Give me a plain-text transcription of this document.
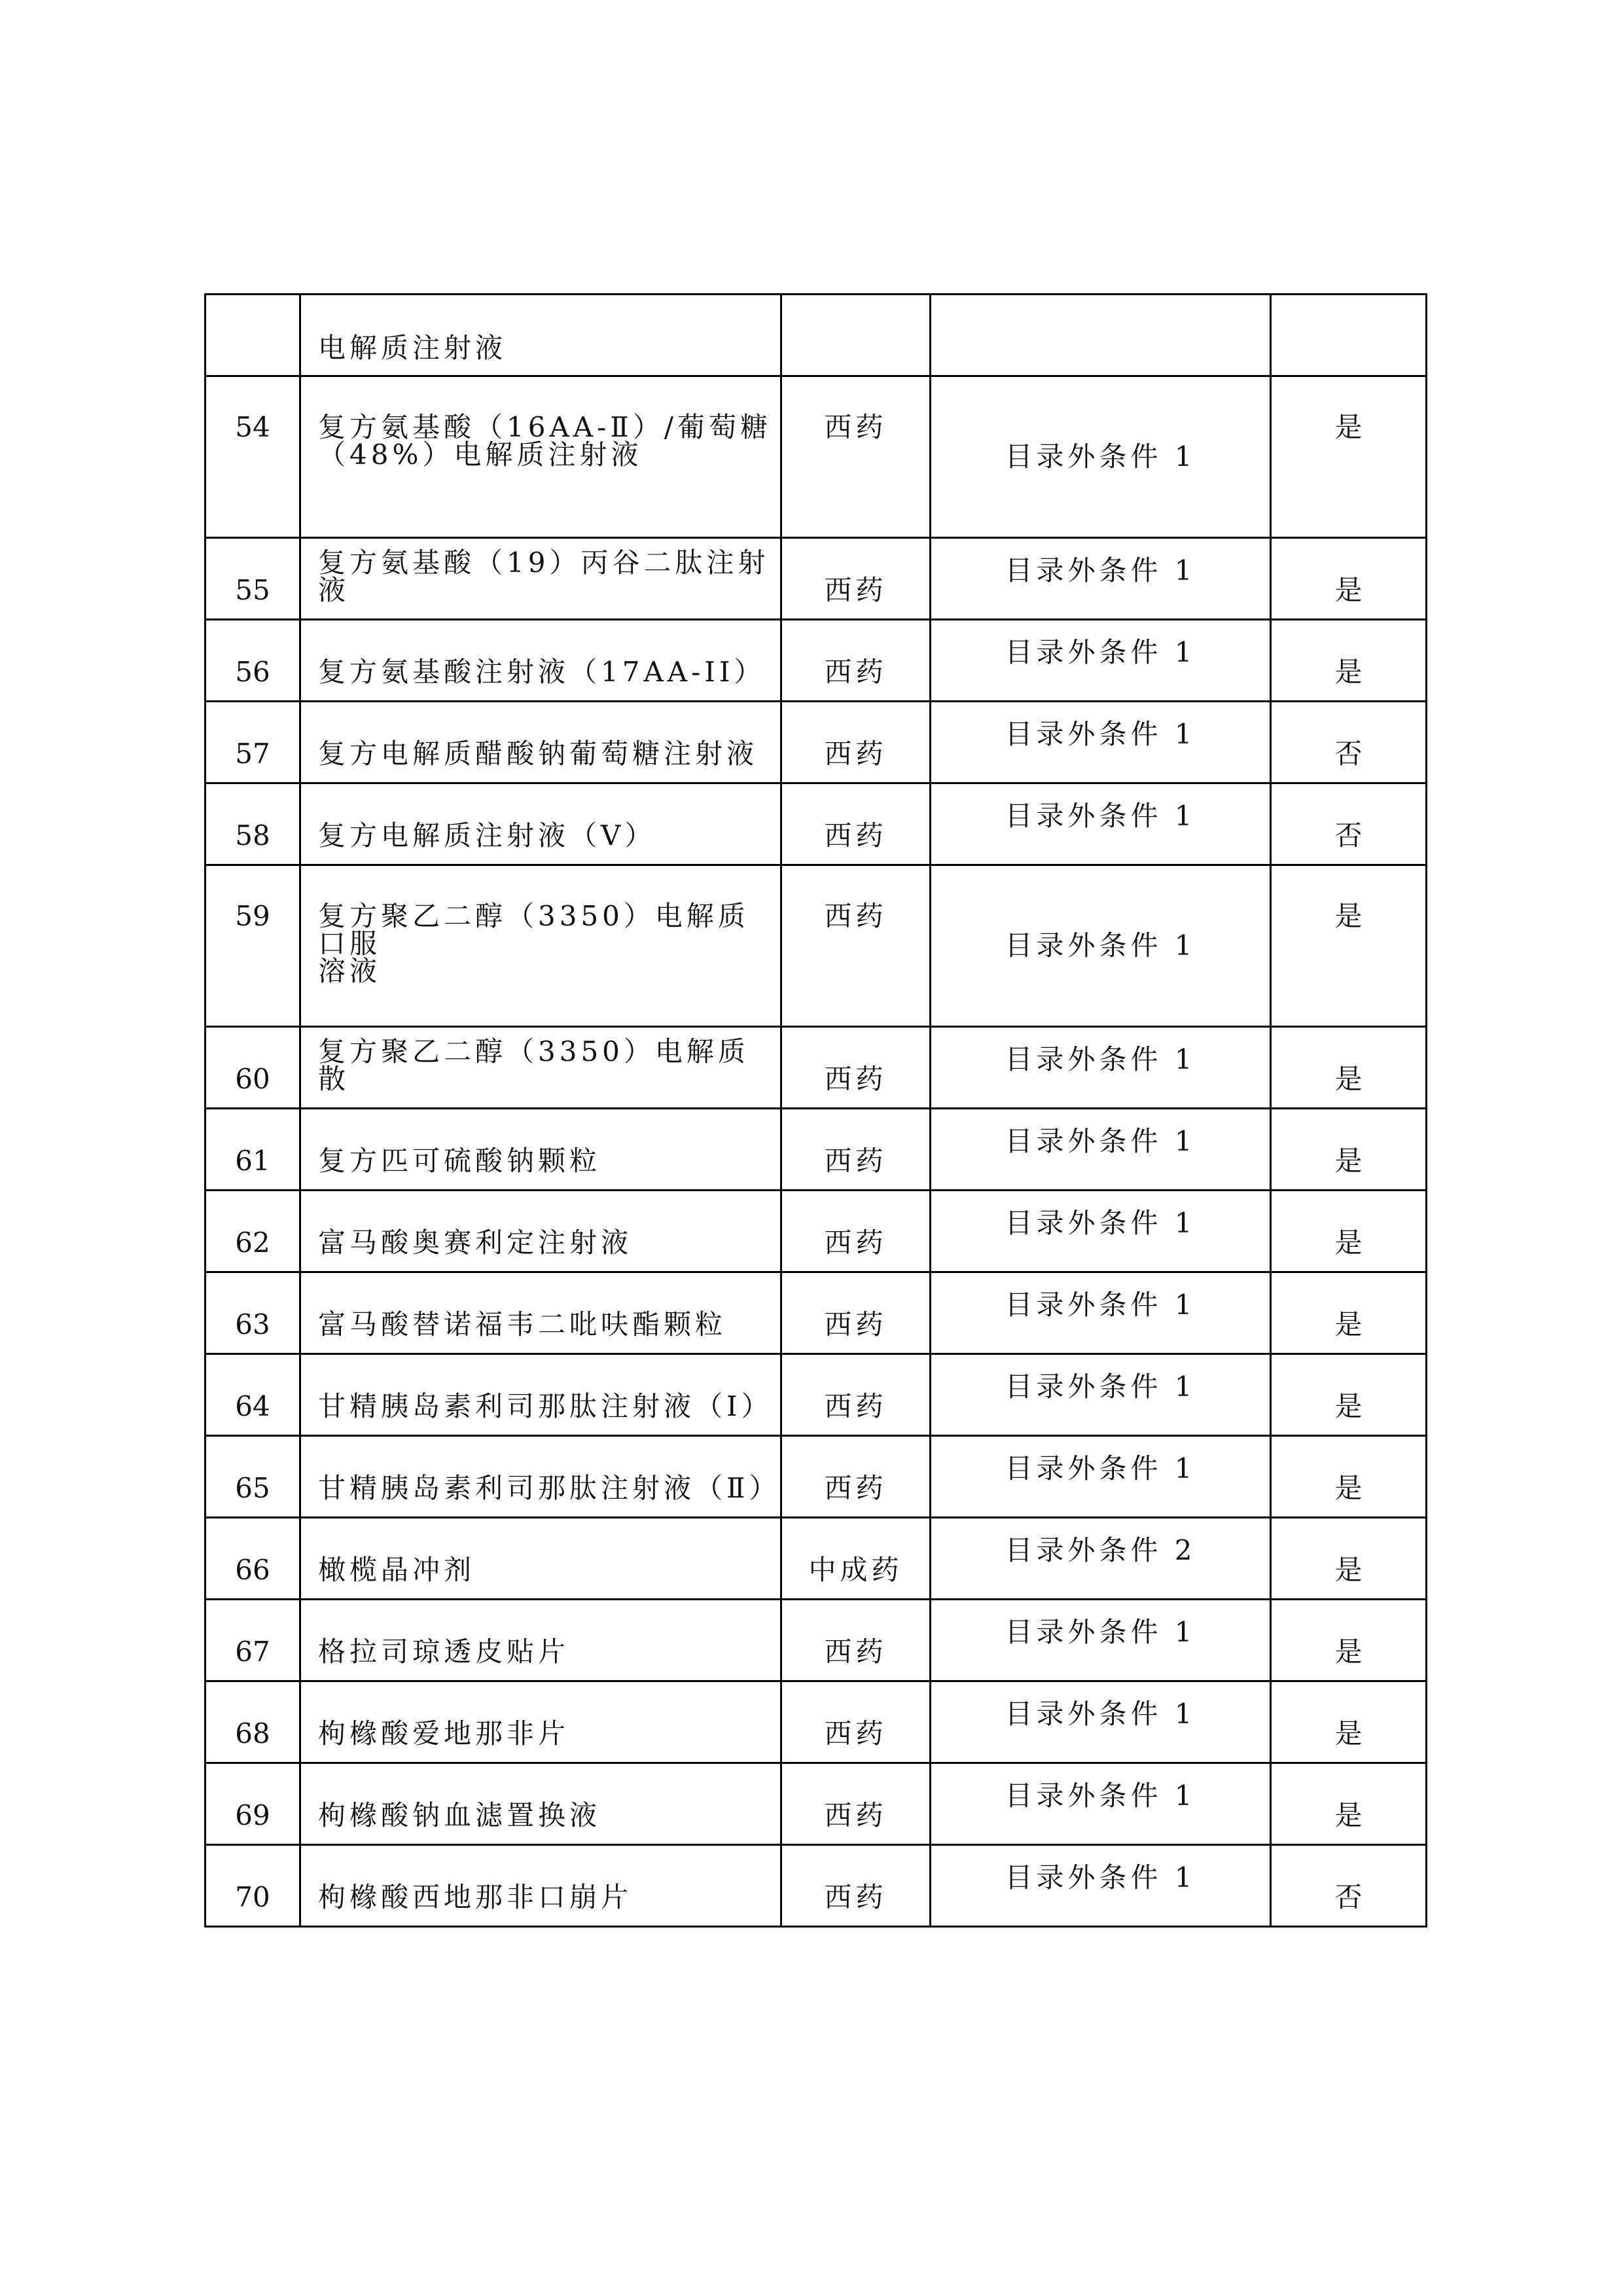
	电解质注射液			
54	复方氨基酸（16AA-Ⅱ）/葡萄糖
（48%）电解质注射液	西药	目录外条件 1	是
55	复方氨基酸（19）丙谷二肽注射液	西药	目录外条件 1	是
56	复方氨基酸注射液（17AA-II）	西药	目录外条件 1	是
57	复方电解质醋酸钠葡萄糖注射液	西药	目录外条件 1	否
58	复方电解质注射液（V）	西药	目录外条件 1	否
59	复方聚乙二醇（3350）电解质口服
溶液	西药	目录外条件 1	是
60	复方聚乙二醇（3350）电解质散	西药	目录外条件 1	是
61	复方匹可硫酸钠颗粒	西药	目录外条件 1	是
62	富马酸奥赛利定注射液	西药	目录外条件 1	是
63	富马酸替诺福韦二吡呋酯颗粒	西药	目录外条件 1	是
64	甘精胰岛素利司那肽注射液（Ⅰ）	西药	目录外条件 1	是
65	甘精胰岛素利司那肽注射液（Ⅱ）	西药	目录外条件 1	是
66	橄榄晶冲剂	中成药	目录外条件 2	是
67	格拉司琼透皮贴片	西药	目录外条件 1	是
68	枸橼酸爱地那非片	西药	目录外条件 1	是
69	枸橼酸钠血滤置换液	西药	目录外条件 1	是
70	枸橼酸西地那非口崩片	西药	目录外条件 1	否
